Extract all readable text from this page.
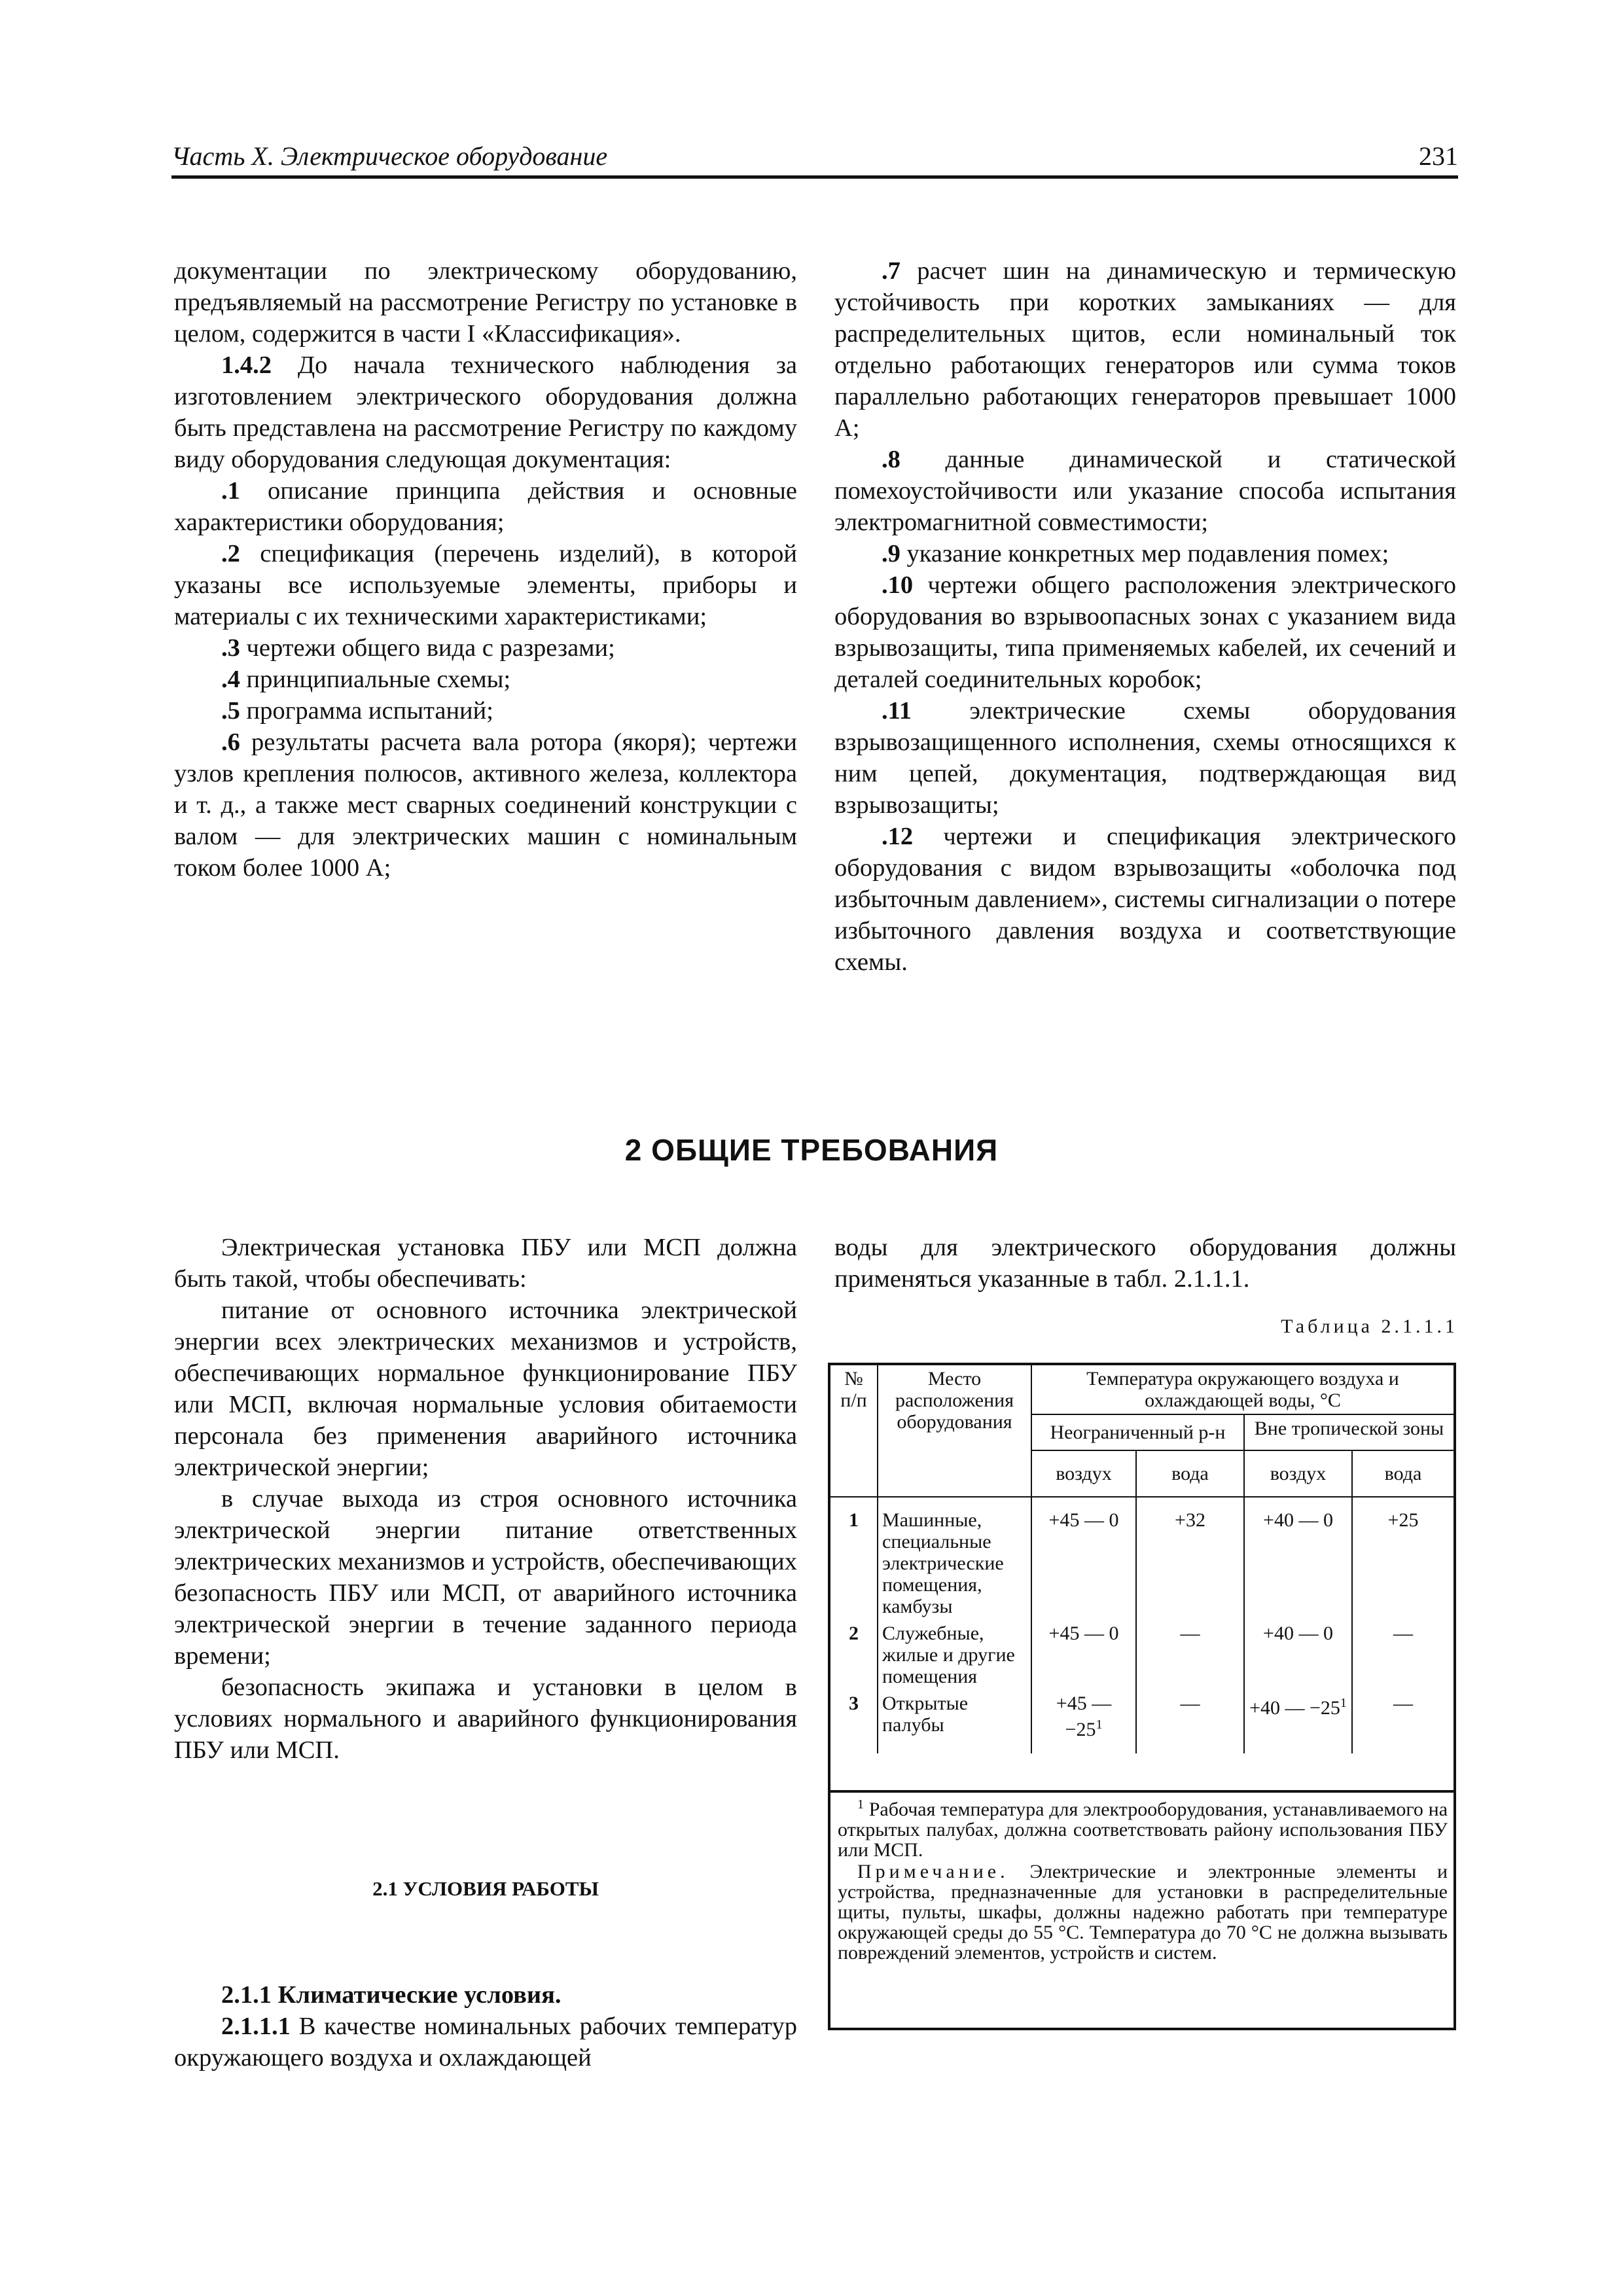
Часть X. Электрическое оборудование	231

документации по электрическому оборудованию, предъявляемый на рассмотрение Регистру по установке в целом, содержится в части I «Классификация».

1.4.2 До начала технического наблюдения за изготовлением электрического оборудования должна быть представлена на рассмотрение Регистру по каждому виду оборудования следующая документация:

.1 описание принципа действия и основные характеристики оборудования;

.2 спецификация (перечень изделий), в которой указаны все используемые элементы, приборы и материалы с их техническими характеристиками;

.3 чертежи общего вида с разрезами;

.4 принципиальные схемы;

.5 программа испытаний;

.6 результаты расчета вала ротора (якоря); чертежи узлов крепления полюсов, активного железа, коллектора и т. д., а также мест сварных соединений конструкции с валом — для электрических машин с номинальным током более 1000 А;

.7 расчет шин на динамическую и термическую устойчивость при коротких замыканиях — для распределительных щитов, если номинальный ток отдельно работающих генераторов или сумма токов параллельно работающих генераторов превышает 1000 А;

.8 данные динамической и статической помехоустойчивости или указание способа испытания электромагнитной совместимости;

.9 указание конкретных мер подавления помех;

.10 чертежи общего расположения электрического оборудования во взрывоопасных зонах с указанием вида взрывозащиты, типа применяемых кабелей, их сечений и деталей соединительных коробок;

.11 электрические схемы оборудования взрывозащищенного исполнения, схемы относящихся к ним цепей, документация, подтверждающая вид взрывозащиты;

.12 чертежи и спецификация электрического оборудования с видом взрывозащиты «оболочка под избыточным давлением», системы сигнализации о потере избыточного давления воздуха и соответствующие схемы.

2 ОБЩИЕ ТРЕБОВАНИЯ

Электрическая установка ПБУ или МСП должна быть такой, чтобы обеспечивать:

питание от основного источника электрической энергии всех электрических механизмов и устройств, обеспечивающих нормальное функционирование ПБУ или МСП, включая нормальные условия обитаемости персонала без применения аварийного источника электрической энергии;

в случае выхода из строя основного источника электрической энергии питание ответственных электрических механизмов и устройств, обеспечивающих безопасность ПБУ или МСП, от аварийного источника электрической энергии в течение заданного периода времени;

безопасность экипажа и установки в целом в условиях нормального и аварийного функционирования ПБУ или МСП.

2.1 УСЛОВИЯ РАБОТЫ

2.1.1 Климатические условия.

2.1.1.1 В качестве номинальных рабочих температур окружающего воздуха и охлаждающей

воды для электрического оборудования должны применяться указанные в табл. 2.1.1.1.

Таблица 2.1.1.1
№ п/п	Место расположения оборудования	Температура окружающего воздуха и охлаждающей воды, °C			
		Неограниченный р-н		Вне тропической зоны	
		воздух	вода	воздух	вода
1	Машинные, специальные электрические помещения, камбузы	+45 — 0	+32	+40 — 0	+25
2	Служебные, жилые и другие помещения	+45 — 0	—	+40 — 0	—
3	Открытые палубы	+45 — $-25^1$	—	+40 — $-25^1$	—

$^1$ Рабочая температура для электрооборудования, устанавливаемого на открытых палубах, должна соответствовать району использования ПБУ или МСП.

Примечание. Электрические и электронные элементы и устройства, предназначенные для установки в распределительные щиты, пульты, шкафы, должны надежно работать при температуре окружающей среды до 55 °С. Температура до 70 °С не должна вызывать повреждений элементов, устройств и систем.
